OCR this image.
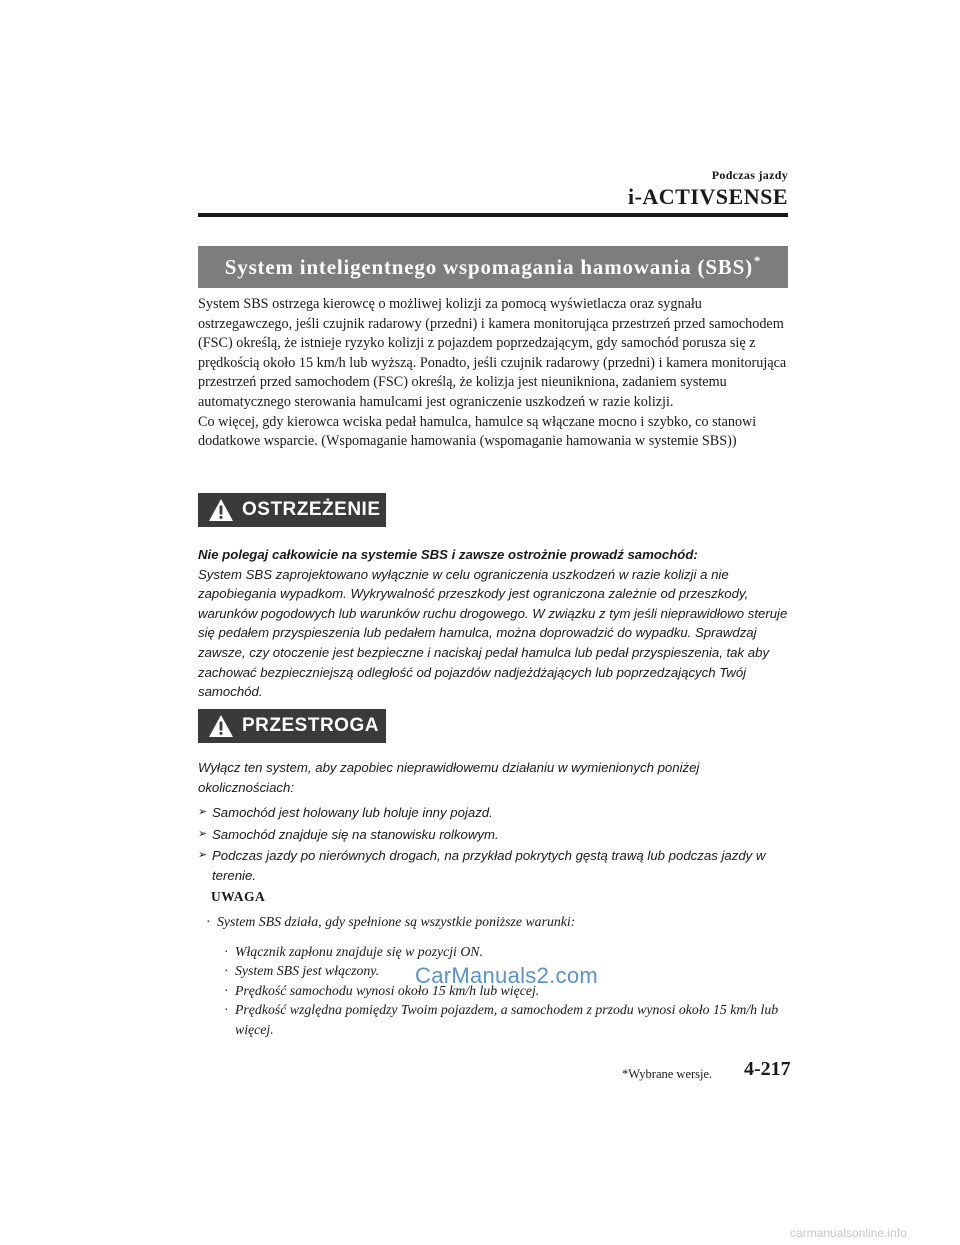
Podczas jazdy
i-ACTIVSENSE
System inteligentnego wspomagania hamowania (SBS)*

System SBS ostrzega kierowcę o możliwej kolizji za pomocą wyświetlacza oraz sygnału ostrzegawczego, jeśli czujnik radarowy (przedni) i kamera monitorująca przestrzeń przed samochodem (FSC) określą, że istnieje ryzyko kolizji z pojazdem poprzedzającym, gdy samochód porusza się z prędkością około 15 km/h lub wyższą. Ponadto, jeśli czujnik radarowy (przedni) i kamera monitorująca przestrzeń przed samochodem (FSC) określą, że kolizja jest nieunikniona, zadaniem systemu automatycznego sterowania hamulcami jest ograniczenie uszkodzeń w razie kolizji.

Co więcej, gdy kierowca wciska pedał hamulca, hamulce są włączane mocno i szybko, co stanowi dodatkowe wsparcie. (Wspomaganie hamowania (wspomaganie hamowania w systemie SBS))

OSTRZEŻENIE

Nie polegaj całkowicie na systemie SBS i zawsze ostrożnie prowadź samochód:

System SBS zaprojektowano wyłącznie w celu ograniczenia uszkodzeń w razie kolizji a nie zapobiegania wypadkom. Wykrywalność przeszkody jest ograniczona zależnie od przeszkody, warunków pogodowych lub warunków ruchu drogowego. W związku z tym jeśli nieprawidłowo steruje się pedałem przyspieszenia lub pedałem hamulca, można doprowadzić do wypadku. Sprawdzaj zawsze, czy otoczenie jest bezpieczne i naciskaj pedał hamulca lub pedał przyspieszenia, tak aby zachować bezpieczniejszą odległość od pojazdów nadjeżdżających lub poprzedzających Twój samochód.

PRZESTROGA

Wyłącz ten system, aby zapobiec nieprawidłowemu działaniu w wymienionych poniżej okolicznościach:

➢ Samochód jest holowany lub holuje inny pojazd.
➢ Samochód znajduje się na stanowisku rolkowym.
➢ Podczas jazdy po nierównych drogach, na przykład pokrytych gęstą trawą lub podczas jazdy w terenie.
UWAGA

· System SBS działa, gdy spełnione są wszystkie poniższe warunki:

· Włącznik zapłonu znajduje się w pozycji ON.
· System SBS jest włączony.
· Prędkość samochodu wynosi około 15 km/h lub więcej.
· Prędkość względna pomiędzy Twoim pojazdem, a samochodem z przodu wynosi około 15 km/h lub więcej.
CarManuals2.com
*Wybrane wersje. 4-217
carmanualsonline.info
